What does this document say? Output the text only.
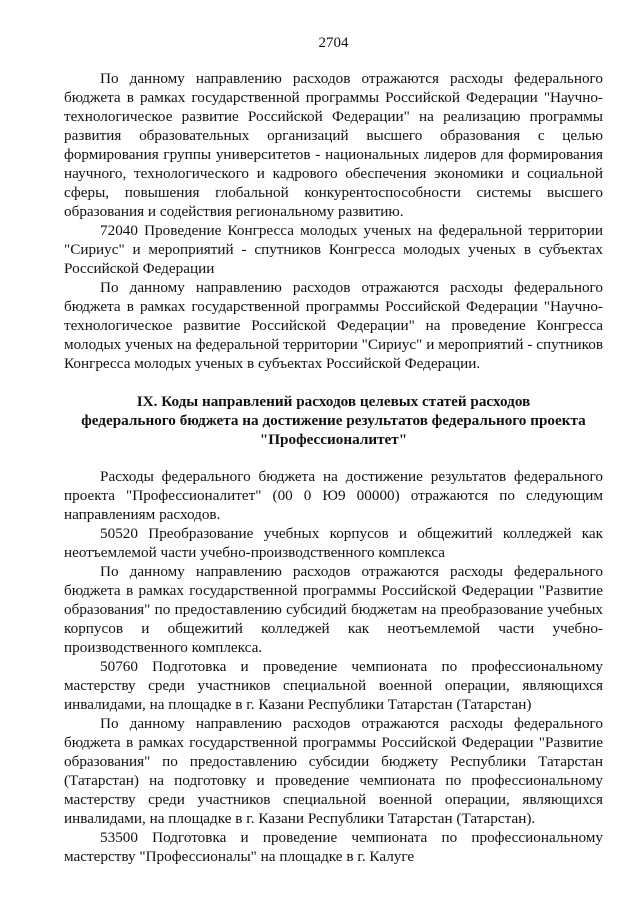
2704

По данному направлению расходов отражаются расходы федерального бюджета в рамках государственной программы Российской Федерации "Научно-технологическое развитие Российской Федерации" на реализацию программы развития образовательных организаций высшего образования с целью формирования группы университетов - национальных лидеров для формирования научного, технологического и кадрового обеспечения экономики и социальной сферы, повышения глобальной конкурентоспособности системы высшего образования и содействия региональному развитию.

72040 Проведение Конгресса молодых ученых на федеральной территории "Сириус" и мероприятий - спутников Конгресса молодых ученых в субъектах Российской Федерации

По данному направлению расходов отражаются расходы федерального бюджета в рамках государственной программы Российской Федерации "Научно-технологическое развитие Российской Федерации" на проведение Конгресса молодых ученых на федеральной территории "Сириус" и мероприятий - спутников Конгресса молодых ученых в субъектах Российской Федерации.

IX. Коды направлений расходов целевых статей расходов
федерального бюджета на достижение результатов федерального проекта
"Профессионалитет"

Расходы федерального бюджета на достижение результатов федерального проекта "Профессионалитет" (00 0 Ю9 00000) отражаются по следующим направлениям расходов.

50520 Преобразование учебных корпусов и общежитий колледжей как неотъемлемой части учебно-производственного комплекса

По данному направлению расходов отражаются расходы федерального бюджета в рамках государственной программы Российской Федерации "Развитие образования" по предоставлению субсидий бюджетам на преобразование учебных корпусов и общежитий колледжей как неотъемлемой части учебно-производственного комплекса.

50760 Подготовка и проведение чемпионата по профессиональному мастерству среди участников специальной военной операции, являющихся инвалидами, на площадке в г. Казани Республики Татарстан (Татарстан)

По данному направлению расходов отражаются расходы федерального бюджета в рамках государственной программы Российской Федерации "Развитие образования" по предоставлению субсидии бюджету Республики Татарстан (Татарстан) на подготовку и проведение чемпионата по профессиональному мастерству среди участников специальной военной операции, являющихся инвалидами, на площадке в г. Казани Республики Татарстан (Татарстан).

53500 Подготовка и проведение чемпионата по профессиональному мастерству "Профессионалы" на площадке в г. Калуге
